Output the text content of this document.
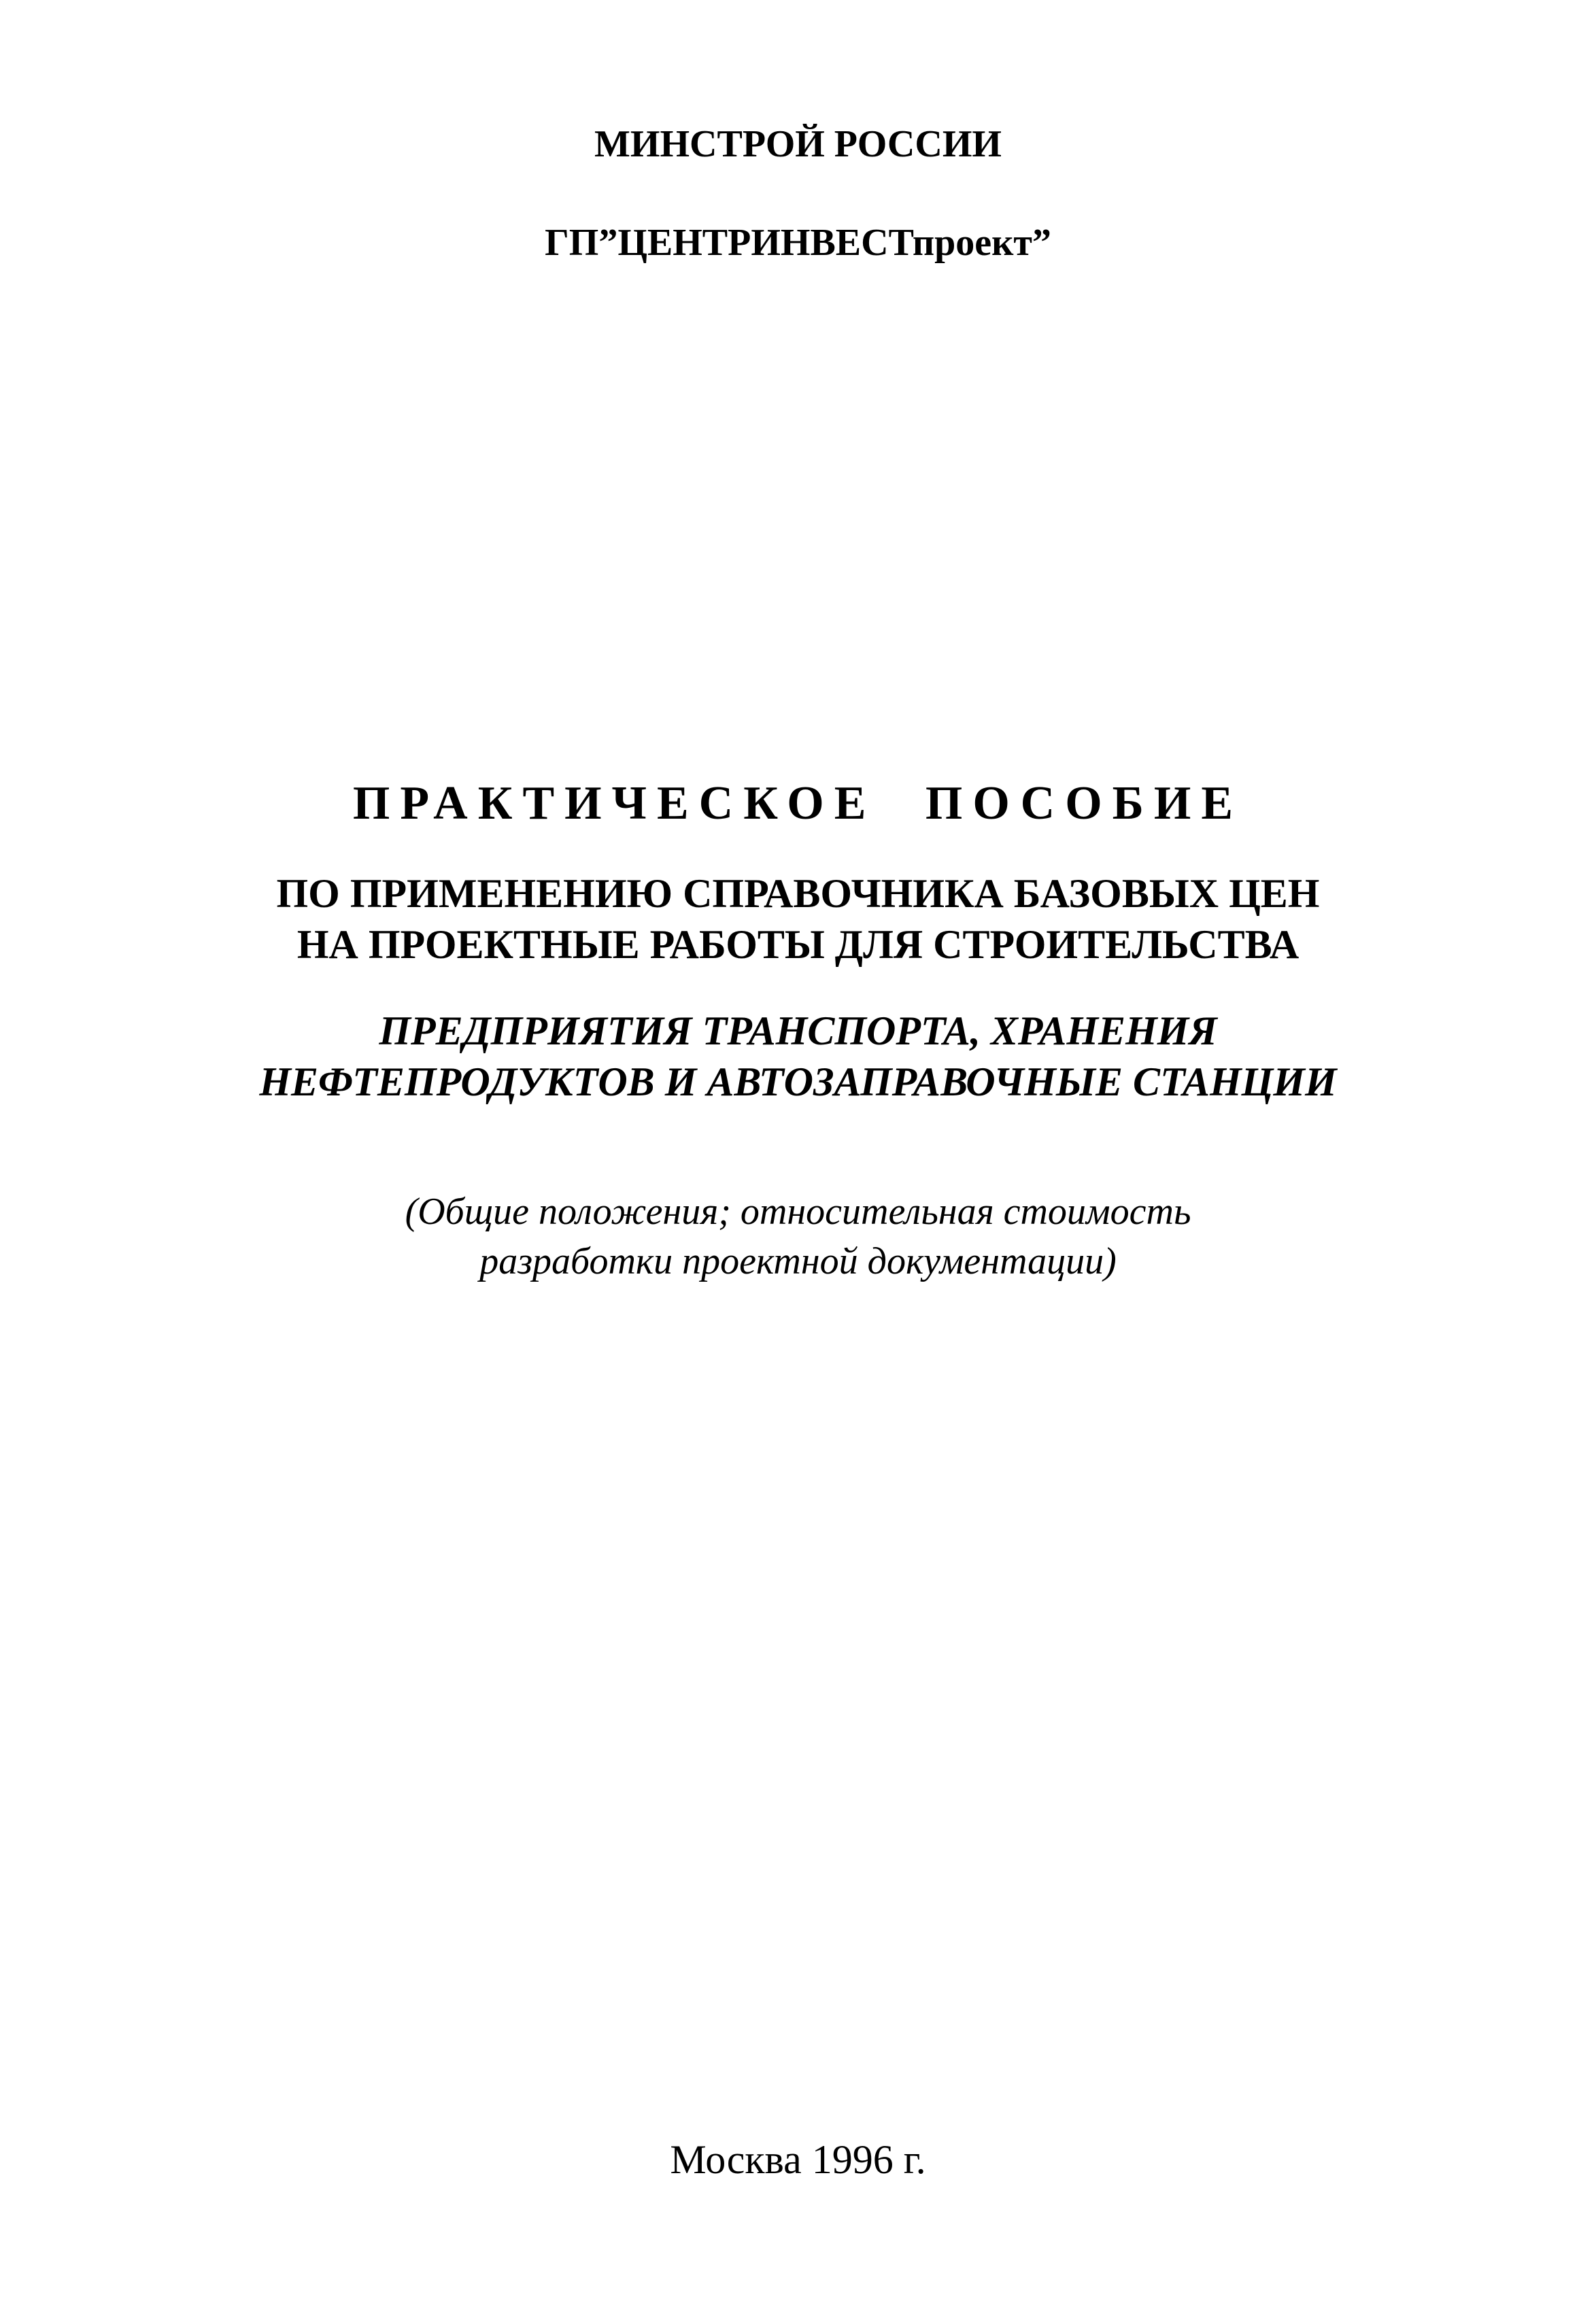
МИНСТРОЙ РОССИИ
ГП”ЦЕНТРИНВЕСТпроект”
ПРАКТИЧЕСКОЕ ПОСОБИЕ
ПО ПРИМЕНЕНИЮ СПРАВОЧНИКА БАЗОВЫХ ЦЕН
НА ПРОЕКТНЫЕ РАБОТЫ ДЛЯ СТРОИТЕЛЬСТВА
ПРЕДПРИЯТИЯ ТРАНСПОРТА, ХРАНЕНИЯ
НЕФТЕПРОДУКТОВ И АВТОЗАПРАВОЧНЫЕ СТАНЦИИ
(Общие положения; относительная стоимость
разработки проектной документации)
Москва 1996 г.
